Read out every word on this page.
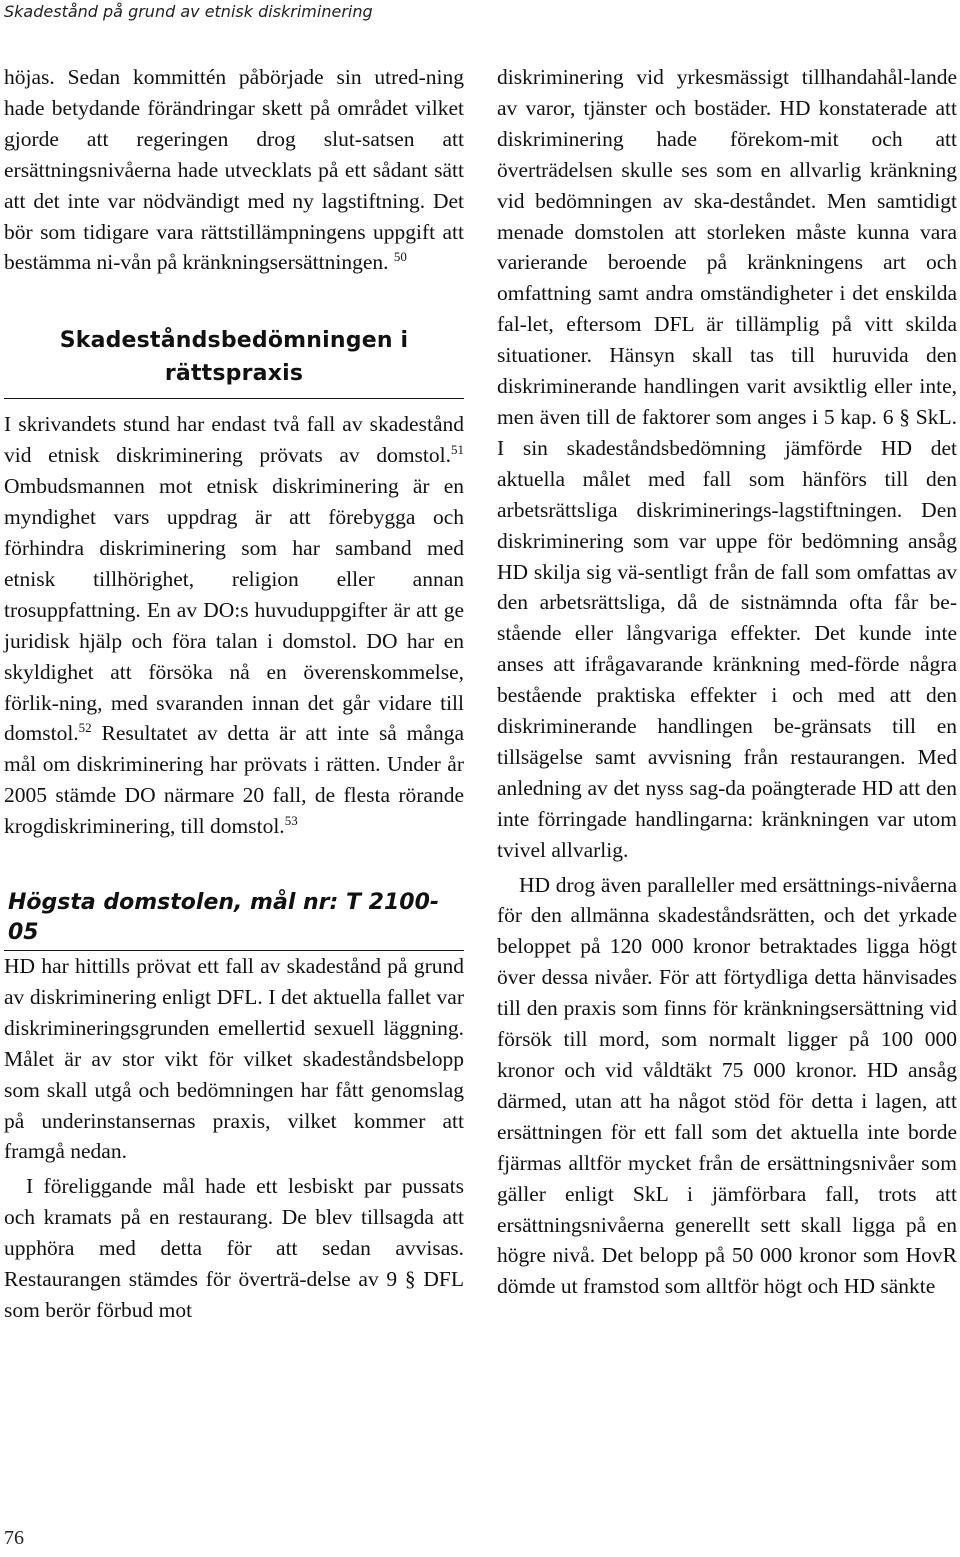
Skadestånd på grund av etnisk diskriminering

höjas. Sedan kommittén påbörjade sin utred-ning hade betydande förändringar skett på området vilket gjorde att regeringen drog slut-satsen att ersättningsnivåerna hade utvecklats på ett sådant sätt att det inte var nödvändigt med ny lagstiftning. Det bör som tidigare vara rättstillämpningens uppgift att bestämma ni-vån på kränkningsersättningen. $^{50}$

Skadeståndsbedömningen i rättspraxis

I skrivandets stund har endast två fall av skadestånd vid etnisk diskriminering prövats av domstol.$^{51}$ Ombudsmannen mot etnisk diskriminering är en myndighet vars uppdrag är att förebygga och förhindra diskriminering som har samband med etnisk tillhörighet, religion eller annan trosuppfattning. En av DO:s huvuduppgifter är att ge juridisk hjälp och föra talan i domstol. DO har en skyldighet att försöka nå en överenskommelse, förlik-ning, med svaranden innan det går vidare till domstol.$^{52}$ Resultatet av detta är att inte så många mål om diskriminering har prövats i rätten. Under år 2005 stämde DO närmare 20 fall, de flesta rörande krogdiskriminering, till domstol.$^{53}$

Högsta domstolen, mål nr: T 2100-05

HD har hittills prövat ett fall av skadestånd på grund av diskriminering enligt DFL. I det aktuella fallet var diskrimineringsgrunden emellertid sexuell läggning. Målet är av stor vikt för vilket skadeståndsbelopp som skall utgå och bedömningen har fått genomslag på underinstansernas praxis, vilket kommer att framgå nedan.

I föreliggande mål hade ett lesbiskt par pussats och kramats på en restaurang. De blev tillsagda att upphöra med detta för att sedan avvisas. Restaurangen stämdes för överträ-delse av 9 § DFL som berör förbud mot

diskriminering vid yrkesmässigt tillhandahål-lande av varor, tjänster och bostäder. HD konstaterade att diskriminering hade förekom-mit och att överträdelsen skulle ses som en allvarlig kränkning vid bedömningen av ska-deståndet. Men samtidigt menade domstolen att storleken måste kunna vara varierande beroende på kränkningens art och omfattning samt andra omständigheter i det enskilda fal-let, eftersom DFL är tillämplig på vitt skilda situationer. Hänsyn skall tas till huruvida den diskriminerande handlingen varit avsiktlig eller inte, men även till de faktorer som anges i 5 kap. 6 § SkL. I sin skadeståndsbedömning jämförde HD det aktuella målet med fall som hänförs till den arbetsrättsliga diskriminerings-lagstiftningen. Den diskriminering som var uppe för bedömning ansåg HD skilja sig vä-sentligt från de fall som omfattas av den arbetsrättsliga, då de sistnämnda ofta får be-stående eller långvariga effekter. Det kunde inte anses att ifrågavarande kränkning med-förde några bestående praktiska effekter i och med att den diskriminerande handlingen be-gränsats till en tillsägelse samt avvisning från restaurangen. Med anledning av det nyss sag-da poängterade HD att den inte förringade handlingarna: kränkningen var utom tvivel allvarlig.

HD drog även paralleller med ersättnings-nivåerna för den allmänna skadeståndsrätten, och det yrkade beloppet på 120 000 kronor betraktades ligga högt över dessa nivåer. För att förtydliga detta hänvisades till den praxis som finns för kränkningsersättning vid försök till mord, som normalt ligger på 100 000 kronor och vid våldtäkt 75 000 kronor. HD ansåg därmed, utan att ha något stöd för detta i lagen, att ersättningen för ett fall som det aktuella inte borde fjärmas alltför mycket från de ersättningsnivåer som gäller enligt SkL i jämförbara fall, trots att ersättningsnivåerna generellt sett skall ligga på en högre nivå. Det belopp på 50 000 kronor som HovR dömde ut framstod som alltför högt och HD sänkte

76
